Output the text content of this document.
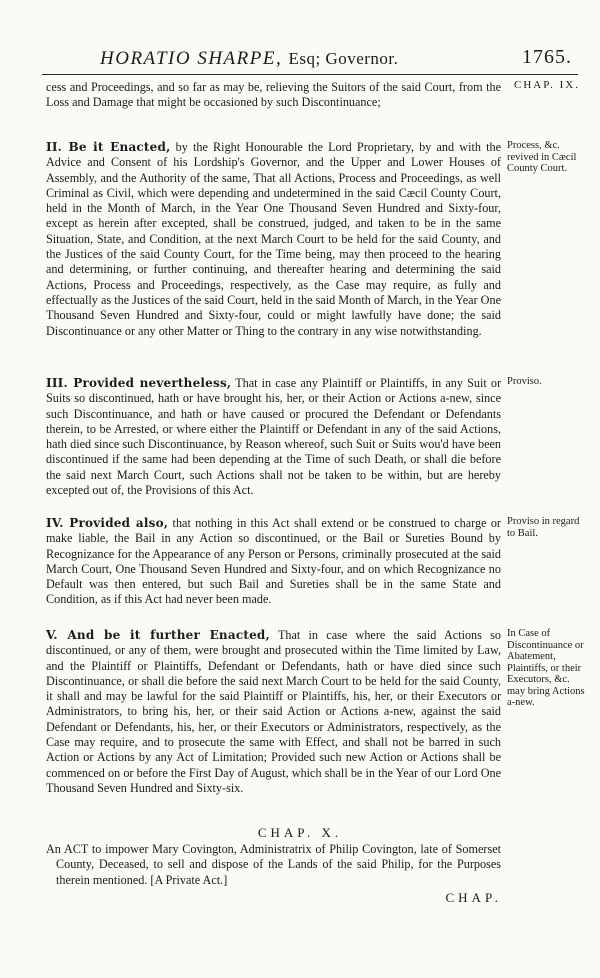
HORATIO SHARPE, Esq; Governor.	1765.

cess and Proceedings, and so far as may be, relieving the Suitors of the said Court, from the Loss and Damage that might be occasioned by such Discontinuance;

II. Be it Enacted, by the Right Honourable the Lord Proprietary, by and with the Advice and Consent of his Lordship's Governor, and the Upper and Lower Houses of Assembly, and the Authority of the same, That all Actions, Process and Proceedings, as well Criminal as Civil, which were depending and undetermined in the said Cæcil County Court, held in the Month of March, in the Year One Thousand Seven Hundred and Sixty-four, except as herein after excepted, shall be construed, judged, and taken to be in the same Situation, State, and Condition, at the next March Court to be held for the said County, and the Justices of the said County Court, for the Time being, may then proceed to the hearing and determining, or further continuing, and thereafter hearing and determining the said Actions, Process and Proceedings, respectively, as the Case may require, as fully and effectually as the Justices of the said Court, held in the said Month of March, in the Year One Thousand Seven Hundred and Sixty-four, could or might lawfully have done; the said Discontinuance or any other Matter or Thing to the contrary in any wise notwithstanding.

III. Provided nevertheless, That in case any Plaintiff or Plaintiffs, in any Suit or Suits so discontinued, hath or have brought his, her, or their Action or Actions a-new, since such Discontinuance, and hath or have caused or procured the Defendant or Defendants therein, to be Arrested, or where either the Plaintiff or Defendant in any of the said Actions, hath died since such Discontinuance, by Reason whereof, such Suit or Suits wou'd have been discontinued if the same had been depending at the Time of such Death, or shall die before the said next March Court, such Actions shall not be taken to be within, but are hereby excepted out of, the Provisions of this Act.

IV. Provided also, that nothing in this Act shall extend or be construed to charge or make liable, the Bail in any Action so discontinued, or the Bail or Sureties Bound by Recognizance for the Appearance of any Person or Persons, criminally prosecuted at the said March Court, One Thousand Seven Hundred and Sixty-four, and on which Recognizance no Default was then entered, but such Bail and Sureties shall be in the same State and Condition, as if this Act had never been made.

V. And be it further Enacted, That in case where the said Actions so discontinued, or any of them, were brought and prosecuted within the Time limited by Law, and the Plaintiff or Plaintiffs, Defendant or Defendants, hath or have died since such Discontinuance, or shall die before the said next March Court to be held for the said County, it shall and may be lawful for the said Plaintiff or Plaintiffs, his, her, or their Executors or Administrators, to bring his, her, or their said Action or Actions a-new, against the said Defendant or Defendants, his, her, or their Executors or Administrators, respectively, as the Case may require, and to prosecute the same with Effect, and shall not be barred in such Action or Actions by any Act of Limitation; Provided such new Action or Actions shall be commenced on or before the First Day of August, which shall be in the Year of our Lord One Thousand Seven Hundred and Sixty-six.

CHAP. IX.
Process, &c. revived in Cæcil County Court.
Proviso.
Proviso in regard to Bail.
In Case of Discontinuance or Abatement, Plaintiffs, or their Executors, &c. may bring Actions a-new.
CHAP. X.

An ACT to impower Mary Covington, Administratrix of Philip Covington, late of Somerset County, Deceased, to sell and dispose of the Lands of the said Philip, for the Purposes therein mentioned. [A Private Act.]

CHAP.
